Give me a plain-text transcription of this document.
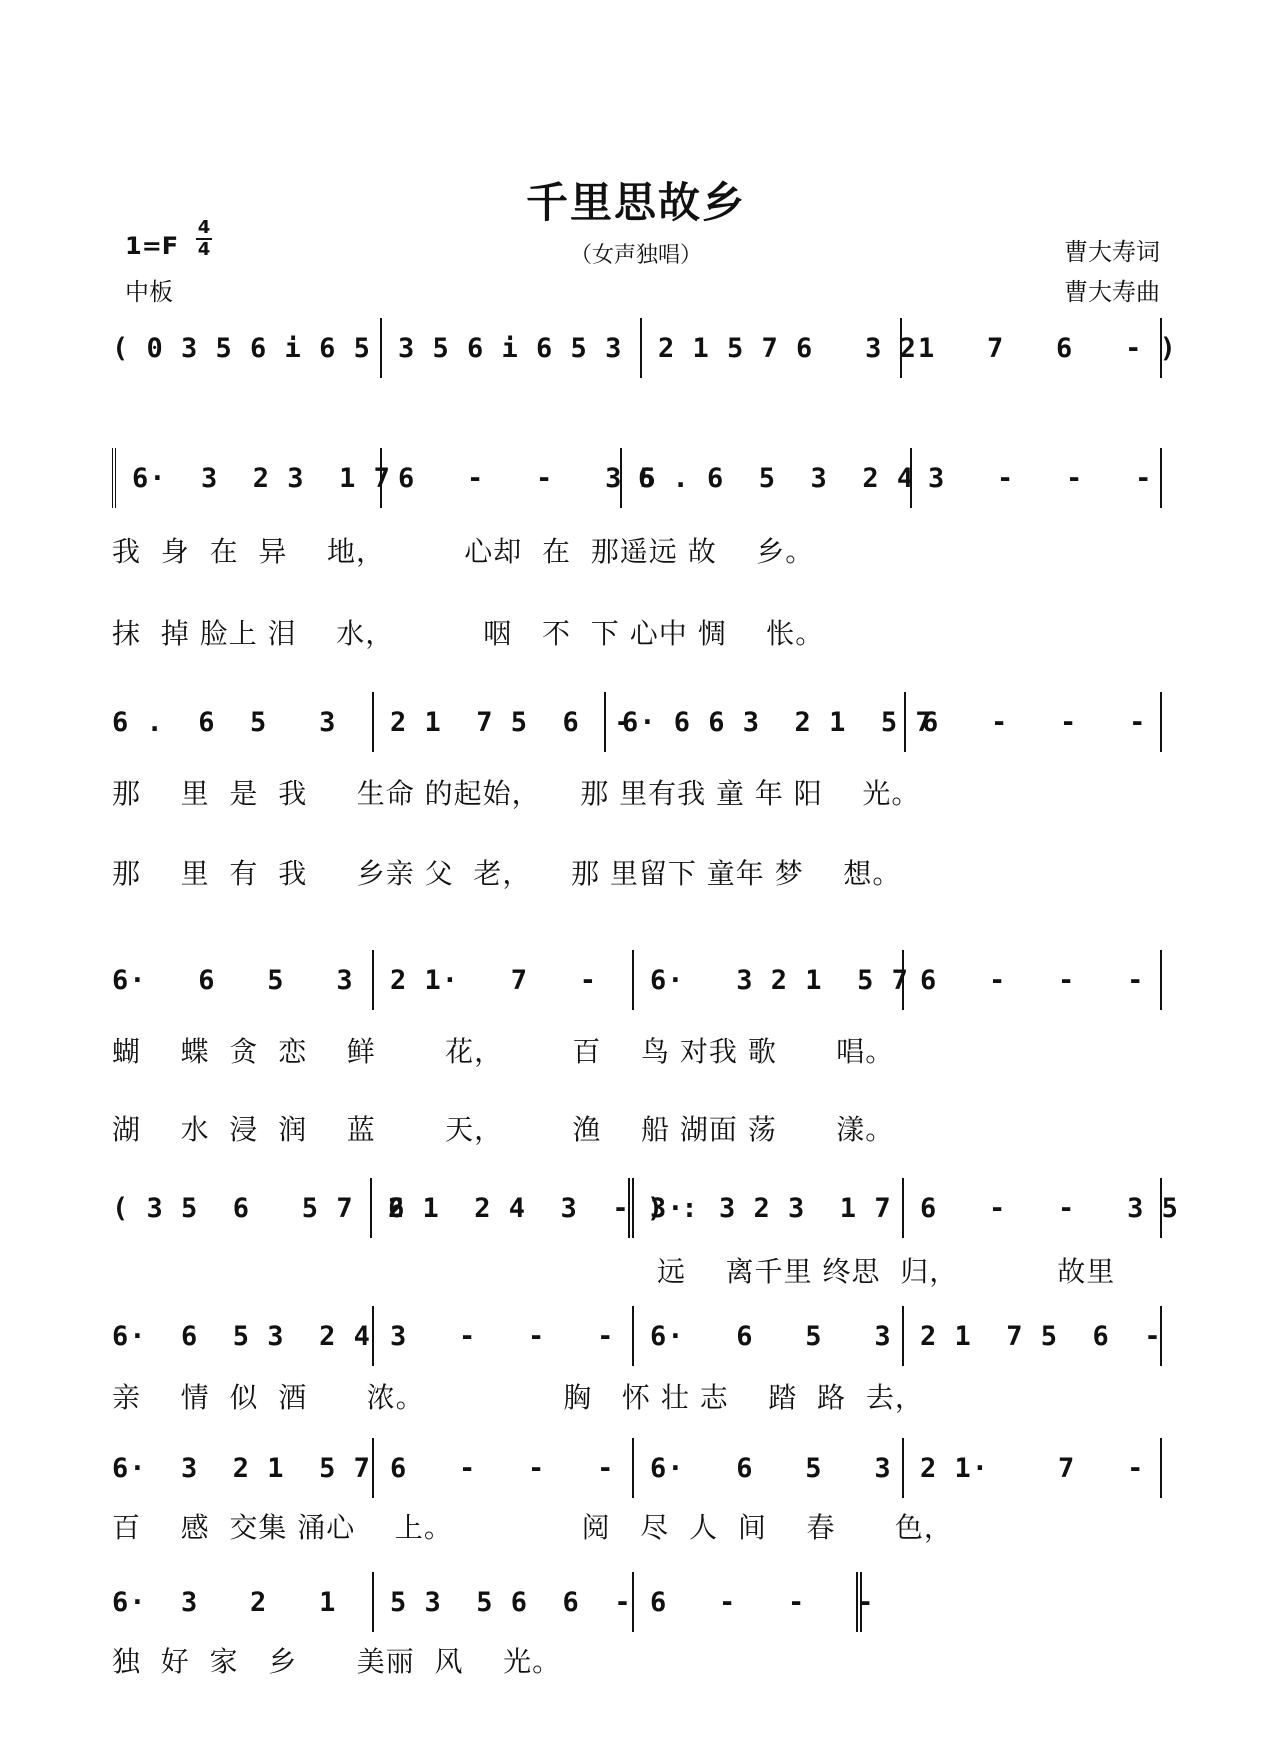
千里思故乡
（女声独唱）
1=F
4
4
中板
曹大寿词
曹大寿曲
( 0 3 5 6 i 6 5 3 5 6 i 6 5 3 2 1 5 7 6   3 2 1   7   6   - )
6·  3  2 3  1 7 6   -   -   3 5
6 . 6  5  3  2 4 3   -   -   -
我  身  在  异    地，        心却  在  那遥远 故    乡。
抹  掉 脸上 泪    水，         咽   不  下 心中 惆    怅。
6 .  6  5   3 2 1  7 5  6  -
6· 6 6 3  2 1  5 7
6   -   -   -
那    里  是  我     生命 的起始，    那 里有我 童 年 阳    光。
那    里  有  我     乡亲 父  老，    那 里留下 童年 梦    想。
6·   6   5   3 2 1·   7   - 6·   3 2 1  5 7 6   -   -   -
蝴    蝶  贪  恋    鲜       花，       百    鸟 对我 歌      唱。
湖    水  浸  润    蓝       天，       渔    船 湖面 荡      漾。
( 3 5  6   5 7  6
2 1  2 4  3  - ) :
3·  3 2 3  1 7 6   -   -   3 5
远    离千里 终思  归，          故里
6·  6  5 3  2 4 3   -   -   - 6·   6   5   3 2 1  7 5  6  -
亲    情  似  酒      浓。              胸   怀 壮 志    踏  路  去，
6·  3  2 1  5 7 6   -   -   - 6·   6   5   3 2 1·    7   -
百    感  交集 涌心    上。             阅   尽  人  间    春      色，
6·  3   2   1 5 3  5 6  6  - 6   -   -   -
独  好  家   乡      美丽  风    光。
